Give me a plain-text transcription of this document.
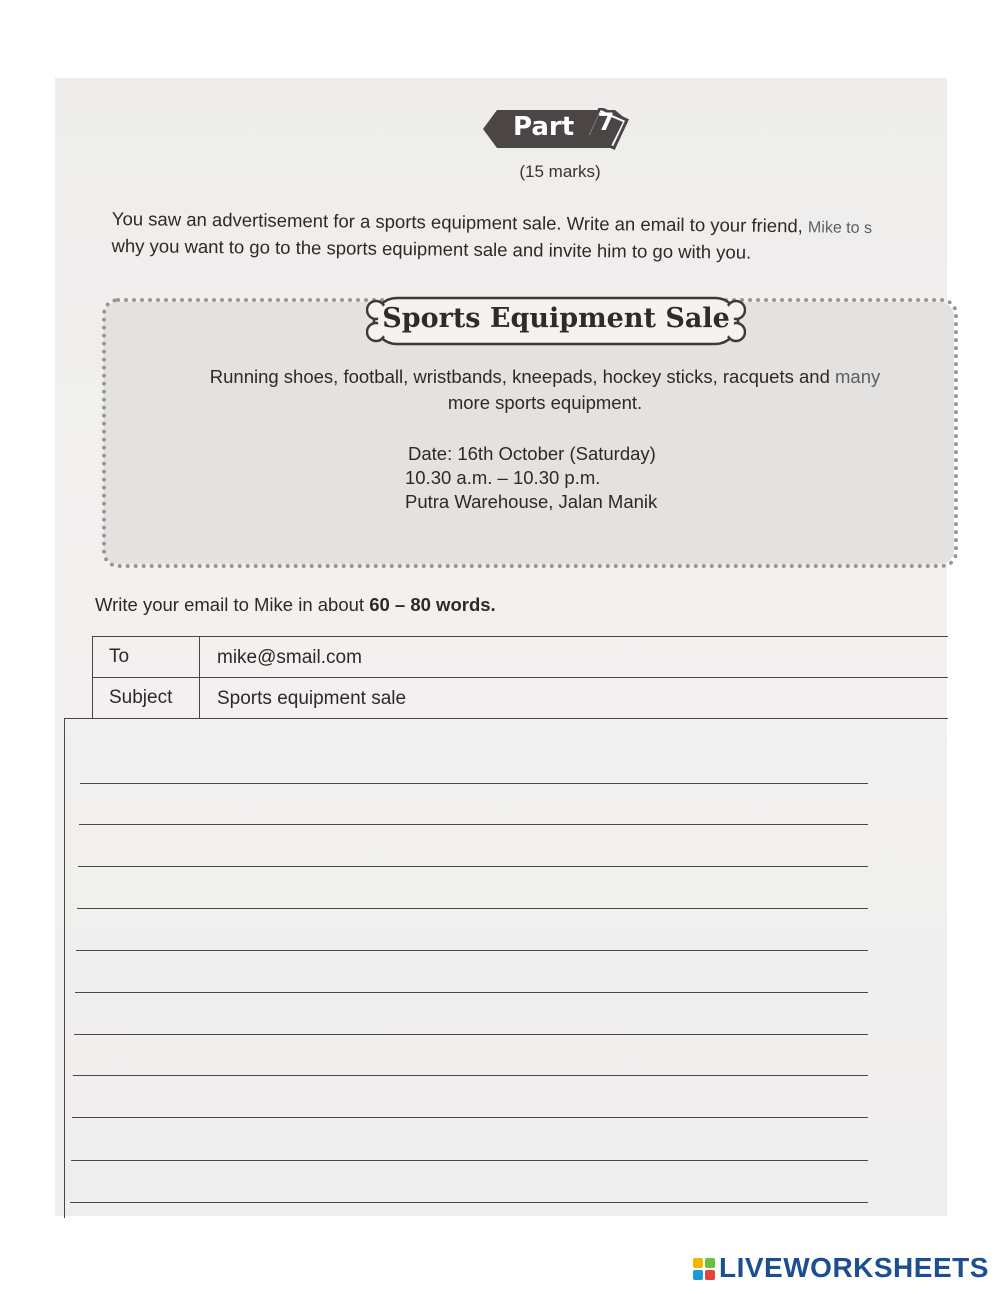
Part 7
(15 marks)
You saw an advertisement for a sports equipment sale. Write an email to your friend, Mike to s
why you want to go to the sports equipment sale and invite him to go with you.
Sports Equipment Sale
Running shoes, football, wristbands, kneepads, hockey sticks, racquets and many
more sports equipment.
Date: 16th October (Saturday)
10.30 a.m. – 10.30 p.m.
Putra Warehouse, Jalan Manik
Write your email to Mike in about 60 – 80 words.
To	mike@smail.com
Subject Sports equipment sale
LIVEWORKSHEETS
